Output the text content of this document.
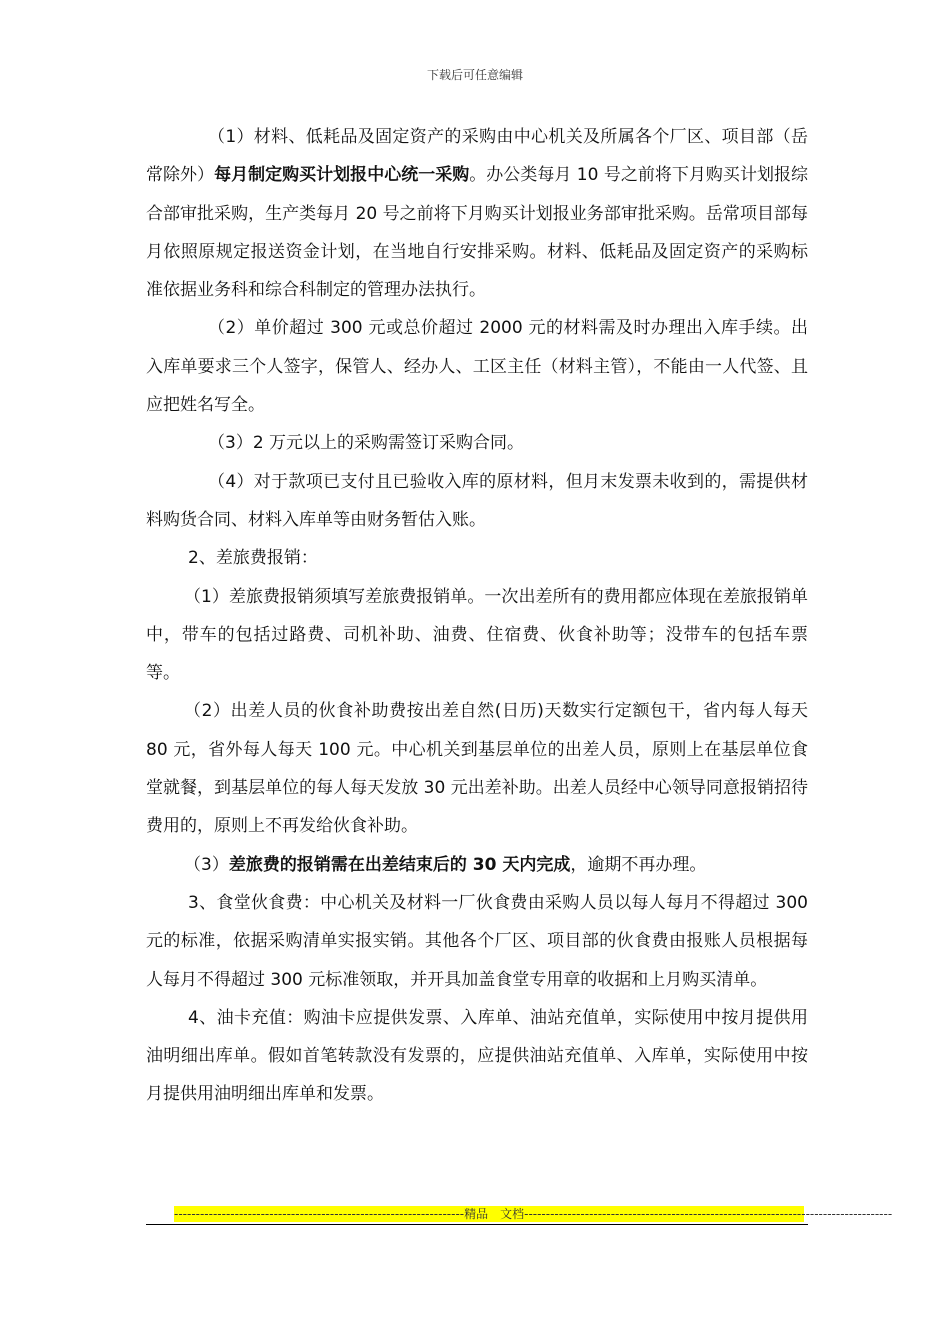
下载后可任意编辑

（1）材料、低耗品及固定资产的采购由中心机关及所属各个厂区、项目部（岳常除外）每月制定购买计划报中心统一采购。办公类每月 10 号之前将下月购买计划报综合部审批采购，生产类每月 20 号之前将下月购买计划报业务部审批采购。岳常项目部每月依照原规定报送资金计划，在当地自行安排采购。材料、低耗品及固定资产的采购标准依据业务科和综合科制定的管理办法执行。

（2）单价超过 300 元或总价超过 2000 元的材料需及时办理出入库手续。出入库单要求三个人签字，保管人、经办人、工区主任（材料主管），不能由一人代签、且应把姓名写全。

（3）2 万元以上的采购需签订采购合同。

（4）对于款项已支付且已验收入库的原材料，但月末发票未收到的，需提供材料购货合同、材料入库单等由财务暂估入账。

2、差旅费报销：

（1）差旅费报销须填写差旅费报销单。一次出差所有的费用都应体现在差旅报销单中，带车的包括过路费、司机补助、油费、住宿费、伙食补助等；没带车的包括车票等。

（2）出差人员的伙食补助费按出差自然(日历)天数实行定额包干，省内每人每天 80 元，省外每人每天 100 元。中心机关到基层单位的出差人员，原则上在基层单位食堂就餐，到基层单位的每人每天发放 30 元出差补助。出差人员经中心领导同意报销招待费用的，原则上不再发给伙食补助。

（3）差旅费的报销需在出差结束后的 30 天内完成，逾期不再办理。

3、食堂伙食费：中心机关及材料一厂伙食费由采购人员以每人每月不得超过 300 元的标准，依据采购清单实报实销。其他各个厂区、项目部的伙食费由报账人员根据每人每月不得超过 300 元标准领取，并开具加盖食堂专用章的收据和上月购买清单。

4、油卡充值：购油卡应提供发票、入库单、油站充值单，实际使用中按月提供用油明细出库单。假如首笔转款没有发票的，应提供油站充值单、入库单，实际使用中按月提供用油明细出库单和发票。

-------------------------------------------------------------------精品　文档-------------------------------------------------------------------------------------
